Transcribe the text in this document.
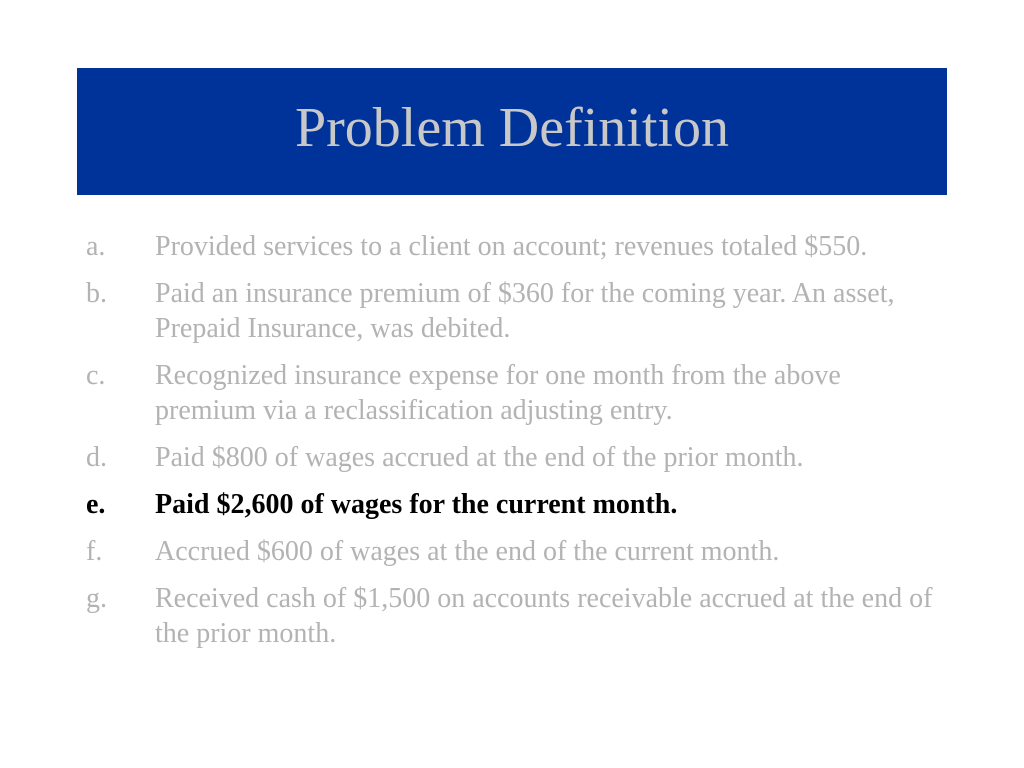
Problem Definition
a.	Provided services to a client on account; revenues totaled $550.
b.	Paid an insurance premium of $360 for the coming year. An asset, Prepaid Insurance, was debited.
c.	Recognized insurance expense for one month from the above premium via a reclassification adjusting entry.
d.	Paid $800 of wages accrued at the end of the prior month.
e.	Paid $2,600 of wages for the current month.
f.	Accrued $600 of wages at the end of the current month.
g.	Received cash of $1,500 on accounts receivable accrued at the end of the prior month.
